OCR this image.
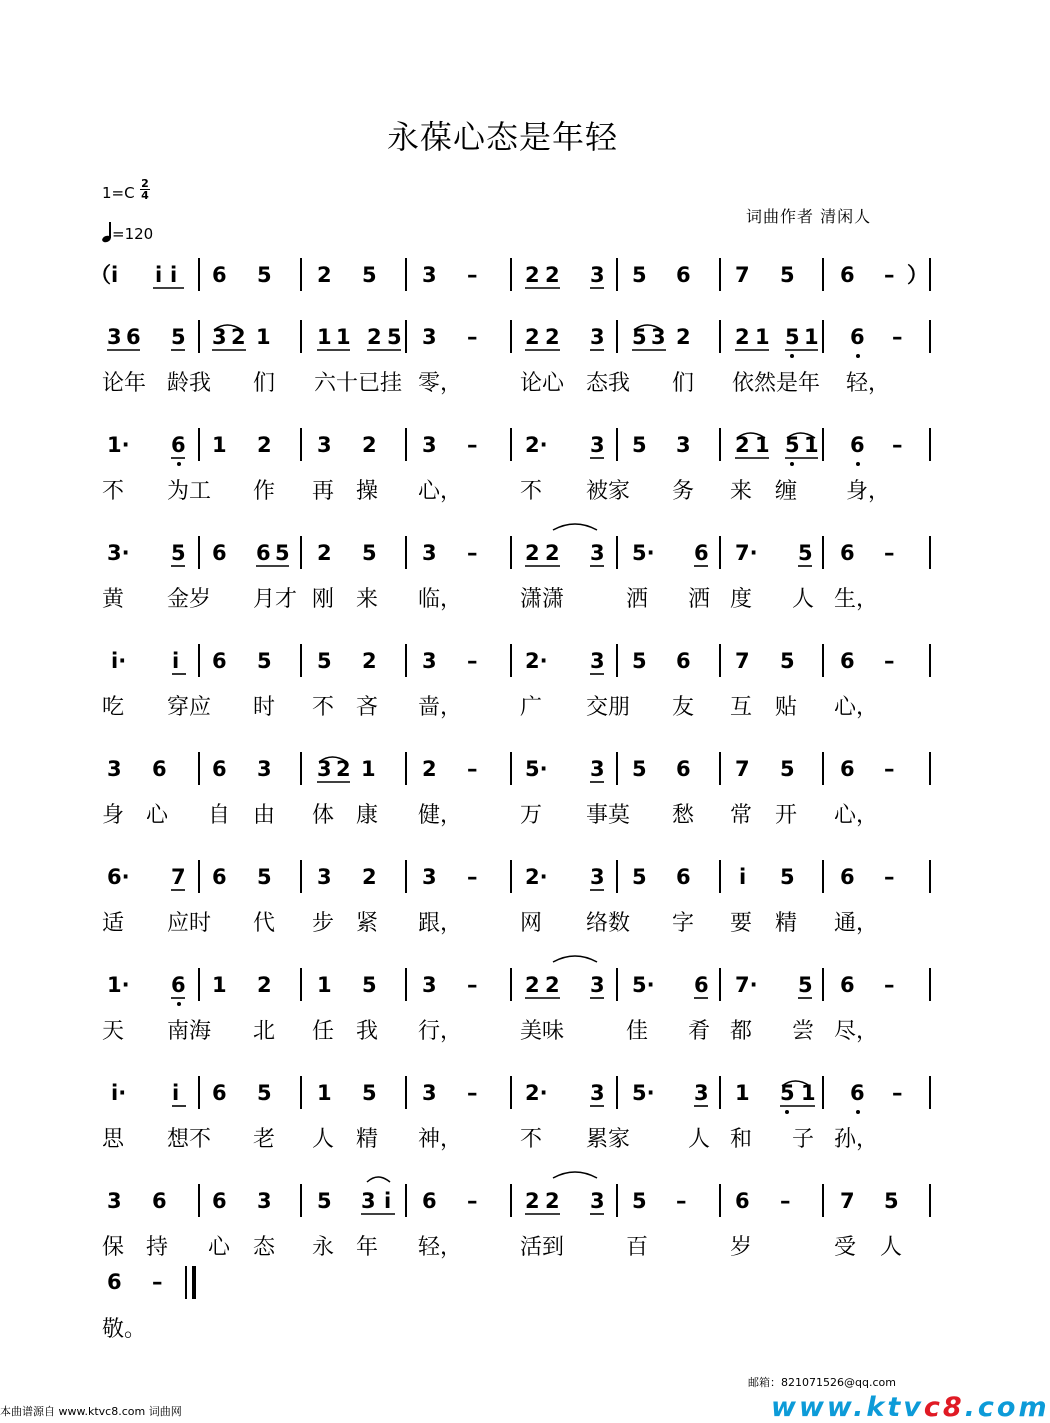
永葆心态是年轻
1=C
2
4
=120
词曲作者 清闲人
（ i i i 6 5 2 5 3 – 2 2 3 5 6 7 5 6 – ）
3 6 5 3 2 1 1 1 2 5 3 – 2 2 3 5 3 2 2 1 5 1 6 –
1· 6 1 2 3 2 3 – 2· 3 5 3 2 1 5 1 6 –
3· 5 6 6 5 2 5 3 – 2 2 3 5· 6 7· 5 6 –
i· i 6 5 5 2 3 – 2· 3 5 6 7 5 6 –
3 6 6 3 3 2 1 2 – 5· 3 5 6 7 5 6 –
6· 7 6 5 3 2 3 – 2· 3 5 6 i 5 6 –
1· 6 1 2 1 5 3 – 2 2 3 5· 6 7· 5 6 –
i· i 6 5 1 5 3 – 2· 3 5· 3 1 5 1 6 –
3 6 6 3 5 3 i 6 – 2 2 3 5 – 6 – 7 5
6 –
论年 龄我 们 六十已挂 零，	论心 态我 们 依然是年 轻，
不 为工 作 再 操 心，	不 被家 务 来 缠 身，
黄 金岁 月才 刚 来 临，	潇潇	洒 洒 度 人 生，
吃 穿应 时 不 吝 啬，	广 交朋 友 互 贴 心，
身 心 自 由 体 康 健，	万 事莫 愁 常 开 心，
适 应时 代 步 紧 跟，	网 络数 字 要 精 通，
天 南海 北 任 我 行，	美味	佳 肴 都 尝 尽，
思 想不 老 人 精 神，	不 累家	人 和 子 孙，
保 持 心 态 永 年 轻，	活到	百	岁	受 人
敬。
邮箱：821071526@qq.com
www.ktvc8.com
本曲谱源自 www.ktvc8.com 词曲网
